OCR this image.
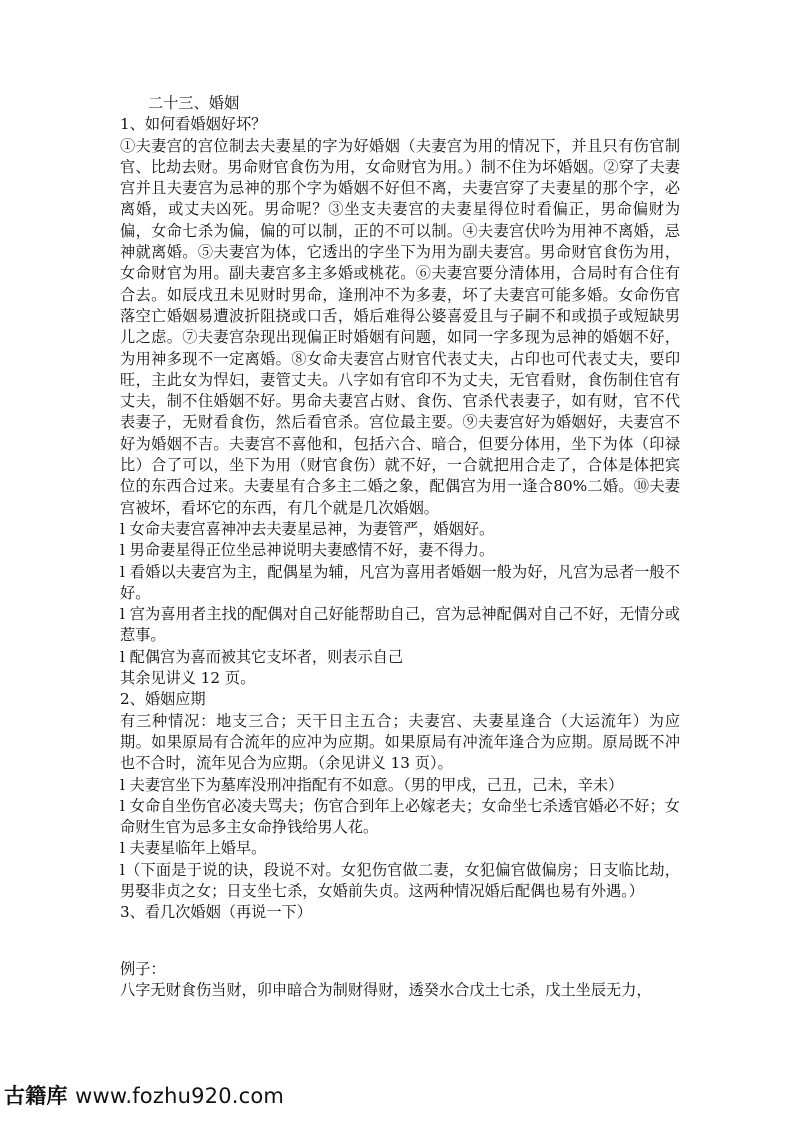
二十三、婚姻

1、如何看婚姻好坏？

①夫妻宫的宫位制去夫妻星的字为好婚姻（夫妻宫为用的情况下，并且只有伤官制官、比劫去财。男命财官食伤为用，女命财官为用。）制不住为坏婚姻。②穿了夫妻宫并且夫妻宫为忌神的那个字为婚姻不好但不离，夫妻宫穿了夫妻星的那个字，必离婚，或丈夫凶死。男命呢？③坐支夫妻宫的夫妻星得位时看偏正，男命偏财为偏，女命七杀为偏，偏的可以制，正的不可以制。④夫妻宫伏吟为用神不离婚，忌神就离婚。⑤夫妻宫为体，它透出的字坐下为用为副夫妻宫。男命财官食伤为用，女命财官为用。副夫妻宫多主多婚或桃花。⑥夫妻宫要分清体用，合局时有合住有合去。如辰戌丑未见财时男命，逢刑冲不为多妻，坏了夫妻宫可能多婚。女命伤官落空亡婚姻易遭波折阻挠或口舌，婚后难得公婆喜爱且与子嗣不和或损子或短缺男儿之虑。⑦夫妻宫杂现出现偏正时婚姻有问题，如同一字多现为忌神的婚姻不好，为用神多现不一定离婚。⑧女命夫妻宫占财官代表丈夫，占印也可代表丈夫，要印旺，主此女为悍妇，妻管丈夫。八字如有官印不为丈夫，无官看财，食伤制住官有丈夫，制不住婚姻不好。男命夫妻宫占财、食伤、官杀代表妻子，如有财，官不代表妻子，无财看食伤，然后看官杀。宫位最主要。⑨夫妻宫好为婚姻好，夫妻宫不好为婚姻不吉。夫妻宫不喜他和，包括六合、暗合，但要分体用，坐下为体（印禄比）合了可以，坐下为用（财官食伤）就不好，一合就把用合走了，合体是体把宾位的东西合过来。夫妻星有合多主二婚之象，配偶宫为用一逢合80%二婚。⑩夫妻宫被坏，看坏它的东西，有几个就是几次婚姻。

l 女命夫妻宫喜神冲去夫妻星忌神，为妻管严，婚姻好。

l 男命妻星得正位坐忌神说明夫妻感情不好，妻不得力。

l 看婚以夫妻宫为主，配偶星为辅，凡宫为喜用者婚姻一般为好，凡宫为忌者一般不好。

l 宫为喜用者主找的配偶对自己好能帮助自己，宫为忌神配偶对自己不好，无情分或惹事。

l 配偶宫为喜而被其它支坏者，则表示自己

其余见讲义 12 页。

2、婚姻应期

有三种情况：地支三合；天干日主五合；夫妻宫、夫妻星逢合（大运流年）为应期。如果原局有合流年的应冲为应期。如果原局有冲流年逢合为应期。原局既不冲也不合时，流年见合为应期。（余见讲义 13 页）。

l 夫妻宫坐下为墓库没刑冲指配有不如意。（男的甲戌，己丑，己未，辛未）

l 女命自坐伤官必凌夫骂夫；伤官合到年上必嫁老夫；女命坐七杀透官婚必不好；女命财生官为忌多主女命挣钱给男人花。

l 夫妻星临年上婚早。

l（下面是于说的诀，段说不对。女犯伤官做二妻，女犯偏官做偏房；日支临比劫，男娶非贞之女；日支坐七杀，女婚前失贞。这两种情况婚后配偶也易有外遇。）

3、看几次婚姻（再说一下）

例子：

八字无财食伤当财，卯申暗合为制财得财，透癸水合戊土七杀，戊土坐辰无力，

古籍库 www.fozhu920.com
